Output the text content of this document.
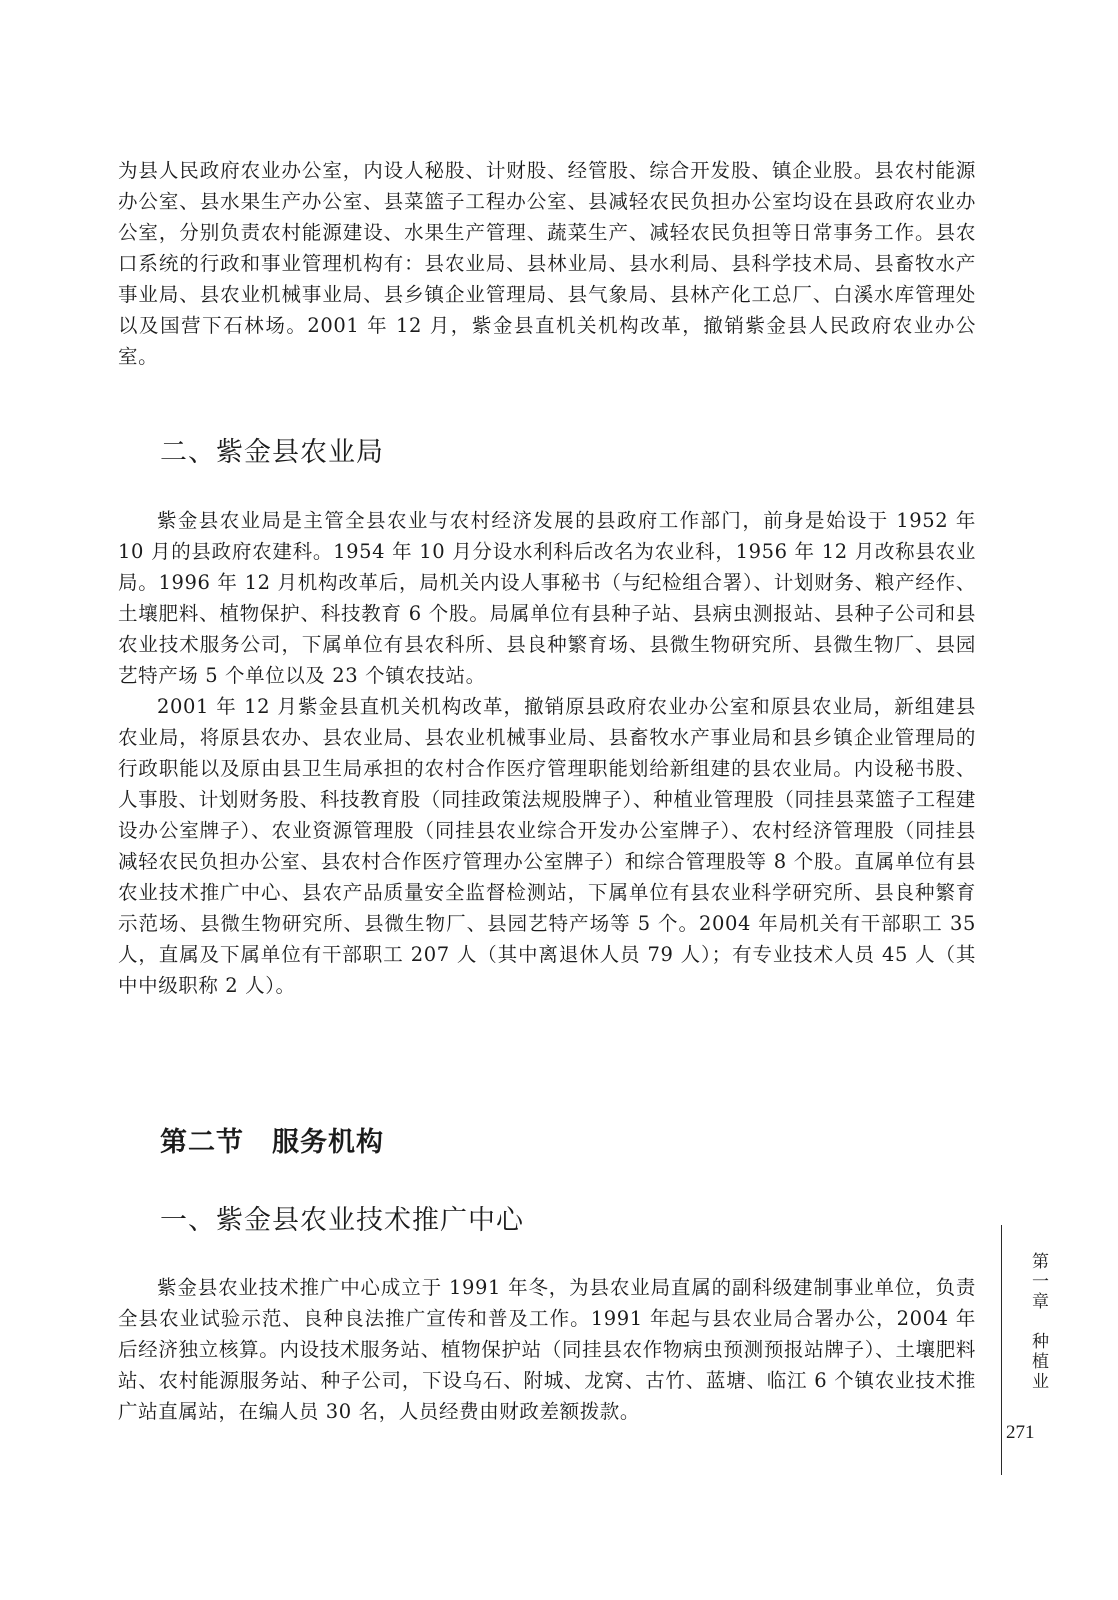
为县人民政府农业办公室，内设人秘股、计财股、经管股、综合开发股、镇企业股。县农村能源办公室、县水果生产办公室、县菜篮子工程办公室、县减轻农民负担办公室均设在县政府农业办公室，分别负责农村能源建设、水果生产管理、蔬菜生产、减轻农民负担等日常事务工作。县农口系统的行政和事业管理机构有：县农业局、县林业局、县水利局、县科学技术局、县畜牧水产事业局、县农业机械事业局、县乡镇企业管理局、县气象局、县林产化工总厂、白溪水库管理处以及国营下石林场。2001 年 12 月，紫金县直机关机构改革，撤销紫金县人民政府农业办公室。

二、紫金县农业局

紫金县农业局是主管全县农业与农村经济发展的县政府工作部门，前身是始设于 1952 年 10 月的县政府农建科。1954 年 10 月分设水利科后改名为农业科，1956 年 12 月改称县农业局。1996 年 12 月机构改革后，局机关内设人事秘书（与纪检组合署）、计划财务、粮产经作、土壤肥料、植物保护、科技教育 6 个股。局属单位有县种子站、县病虫测报站、县种子公司和县农业技术服务公司，下属单位有县农科所、县良种繁育场、县微生物研究所、县微生物厂、县园艺特产场 5 个单位以及 23 个镇农技站。

2001 年 12 月紫金县直机关机构改革，撤销原县政府农业办公室和原县农业局，新组建县农业局，将原县农办、县农业局、县农业机械事业局、县畜牧水产事业局和县乡镇企业管理局的行政职能以及原由县卫生局承担的农村合作医疗管理职能划给新组建的县农业局。内设秘书股、人事股、计划财务股、科技教育股（同挂政策法规股牌子）、种植业管理股（同挂县菜篮子工程建设办公室牌子）、农业资源管理股（同挂县农业综合开发办公室牌子）、农村经济管理股（同挂县减轻农民负担办公室、县农村合作医疗管理办公室牌子）和综合管理股等 8 个股。直属单位有县农业技术推广中心、县农产品质量安全监督检测站，下属单位有县农业科学研究所、县良种繁育示范场、县微生物研究所、县微生物厂、县园艺特产场等 5 个。2004 年局机关有干部职工 35 人，直属及下属单位有干部职工 207 人（其中离退休人员 79 人）；有专业技术人员 45 人（其中中级职称 2 人）。

第二节 服务机构
一、紫金县农业技术推广中心

紫金县农业技术推广中心成立于 1991 年冬，为县农业局直属的副科级建制事业单位，负责全县农业试验示范、良种良法推广宣传和普及工作。1991 年起与县农业局合署办公，2004 年后经济独立核算。内设技术服务站、植物保护站（同挂县农作物病虫预测预报站牌子）、土壤肥料站、农村能源服务站、种子公司，下设乌石、附城、龙窝、古竹、蓝塘、临江 6 个镇农业技术推广站直属站，在编人员 30 名，人员经费由财政差额拨款。

第一章　种植业
271
